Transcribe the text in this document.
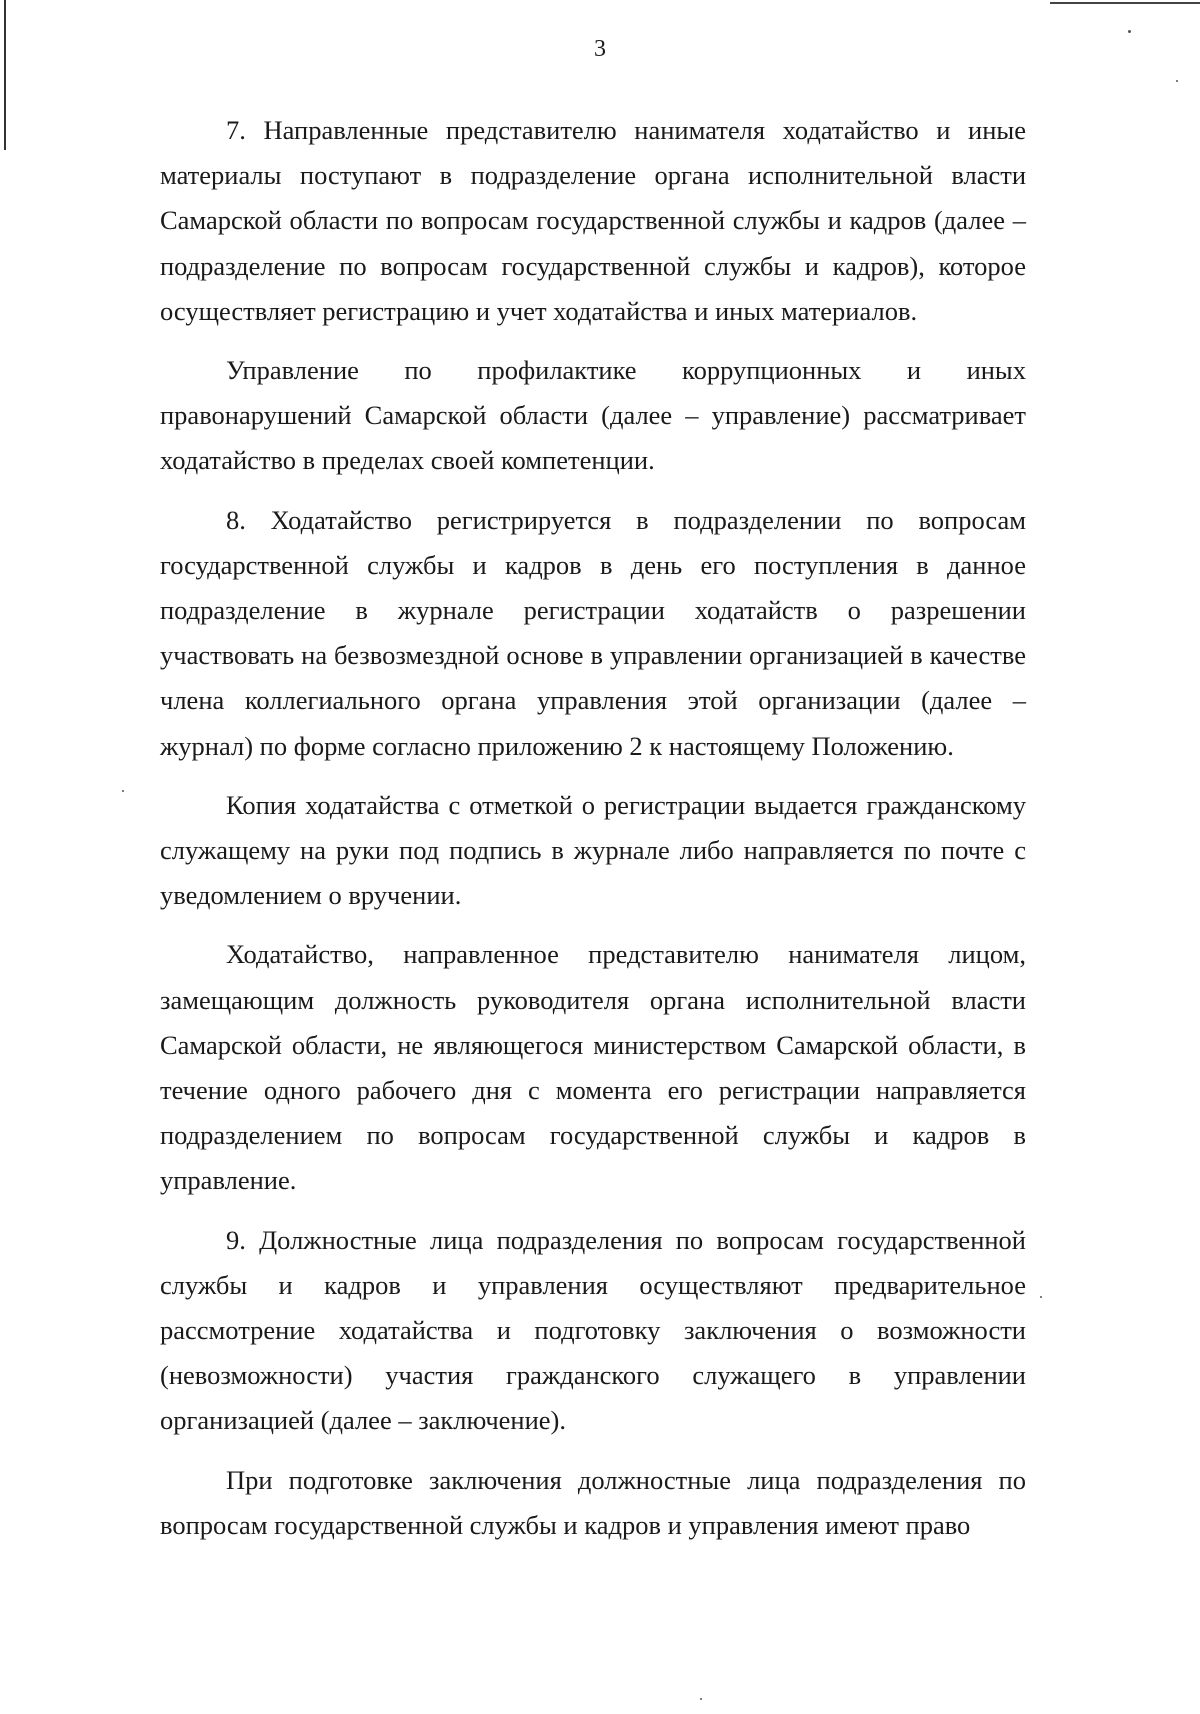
3

7. Направленные представителю нанимателя ходатайство и иные материалы поступают в подразделение органа исполнительной власти Самарской области по вопросам государственной службы и кадров (далее – подразделение по вопросам государственной службы и кадров), которое осуществляет регистрацию и учет ходатайства и иных материалов.

Управление по профилактике коррупционных и иных правонарушений Самарской области (далее – управление) рассматривает ходатайство в пределах своей компетенции.

8. Ходатайство регистрируется в подразделении по вопросам государственной службы и кадров в день его поступления в данное подразделение в журнале регистрации ходатайств о разрешении участвовать на безвозмездной основе в управлении организацией в качестве члена коллегиального органа управления этой организации (далее – журнал) по форме согласно приложению 2 к настоящему Положению.

Копия ходатайства с отметкой о регистрации выдается гражданскому служащему на руки под подпись в журнале либо направляется по почте с уведомлением о вручении.

Ходатайство, направленное представителю нанимателя лицом, замещающим должность руководителя органа исполнительной власти Самарской области, не являющегося министерством Самарской области, в течение одного рабочего дня с момента его регистрации направляется подразделением по вопросам государственной службы и кадров в управление.

9. Должностные лица подразделения по вопросам государственной службы и кадров и управления осуществляют предварительное рассмотрение ходатайства и подготовку заключения о возможности (невозможности) участия гражданского служащего в управлении организацией (далее – заключение).

При подготовке заключения должностные лица подразделения по вопросам государственной службы и кадров и управления имеют право
